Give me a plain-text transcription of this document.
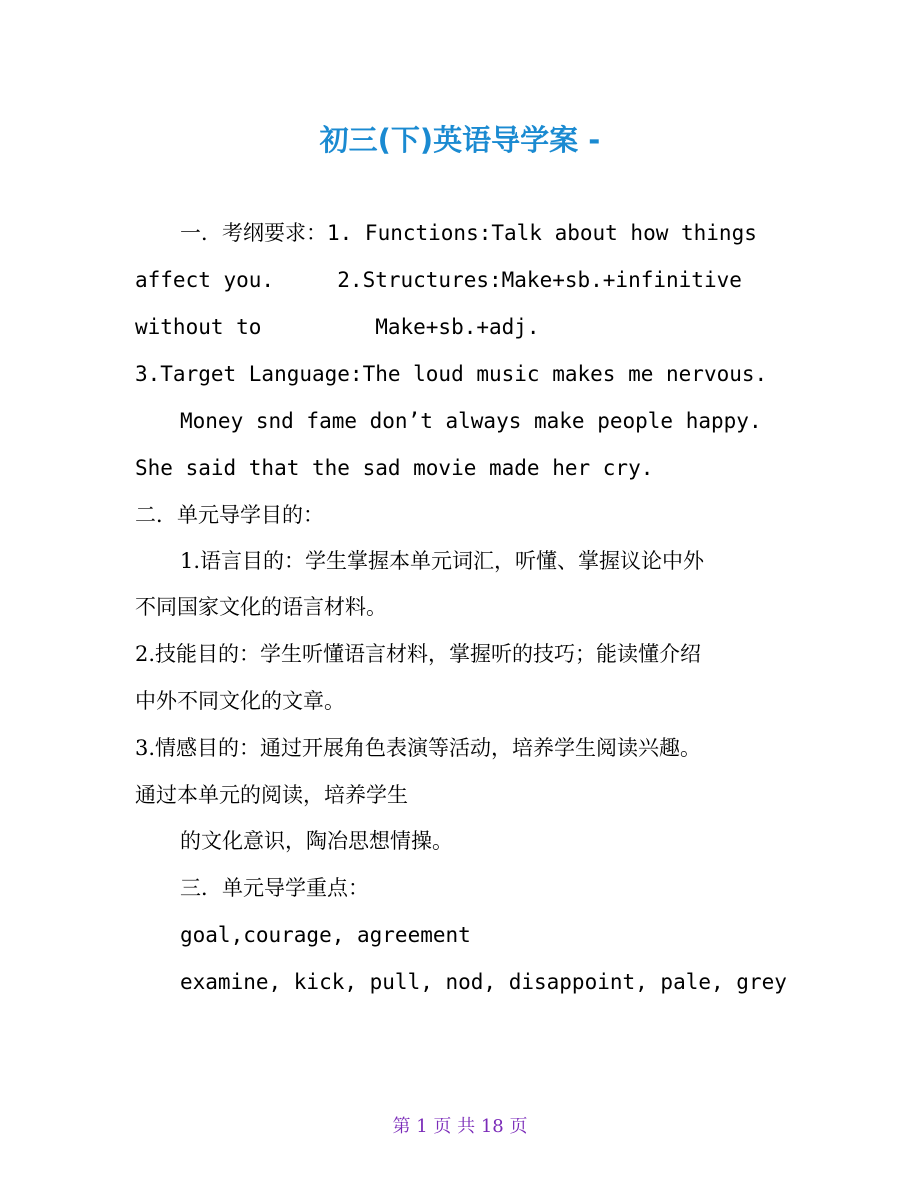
初三(下)英语导学案 -
一．考纲要求：1. Functions:Talk about how things
affect you.     2.Structures:Make+sb.+infinitive
without to         Make+sb.+adj.
3.Target Language:The loud music makes me nervous.
Money snd fame don’t always make people happy.
She said that the sad movie made her cry.
二．单元导学目的：
1.语言目的：学生掌握本单元词汇，听懂、掌握议论中外
不同国家文化的语言材料。
2.技能目的：学生听懂语言材料，掌握听的技巧；能读懂介绍
中外不同文化的文章。
3.情感目的：通过开展角色表演等活动，培养学生阅读兴趣。
通过本单元的阅读，培养学生
的文化意识，陶冶思想情操。
三．单元导学重点：
goal,courage, agreement
examine, kick, pull, nod, disappoint, pale, grey
第 1 页 共 18 页
